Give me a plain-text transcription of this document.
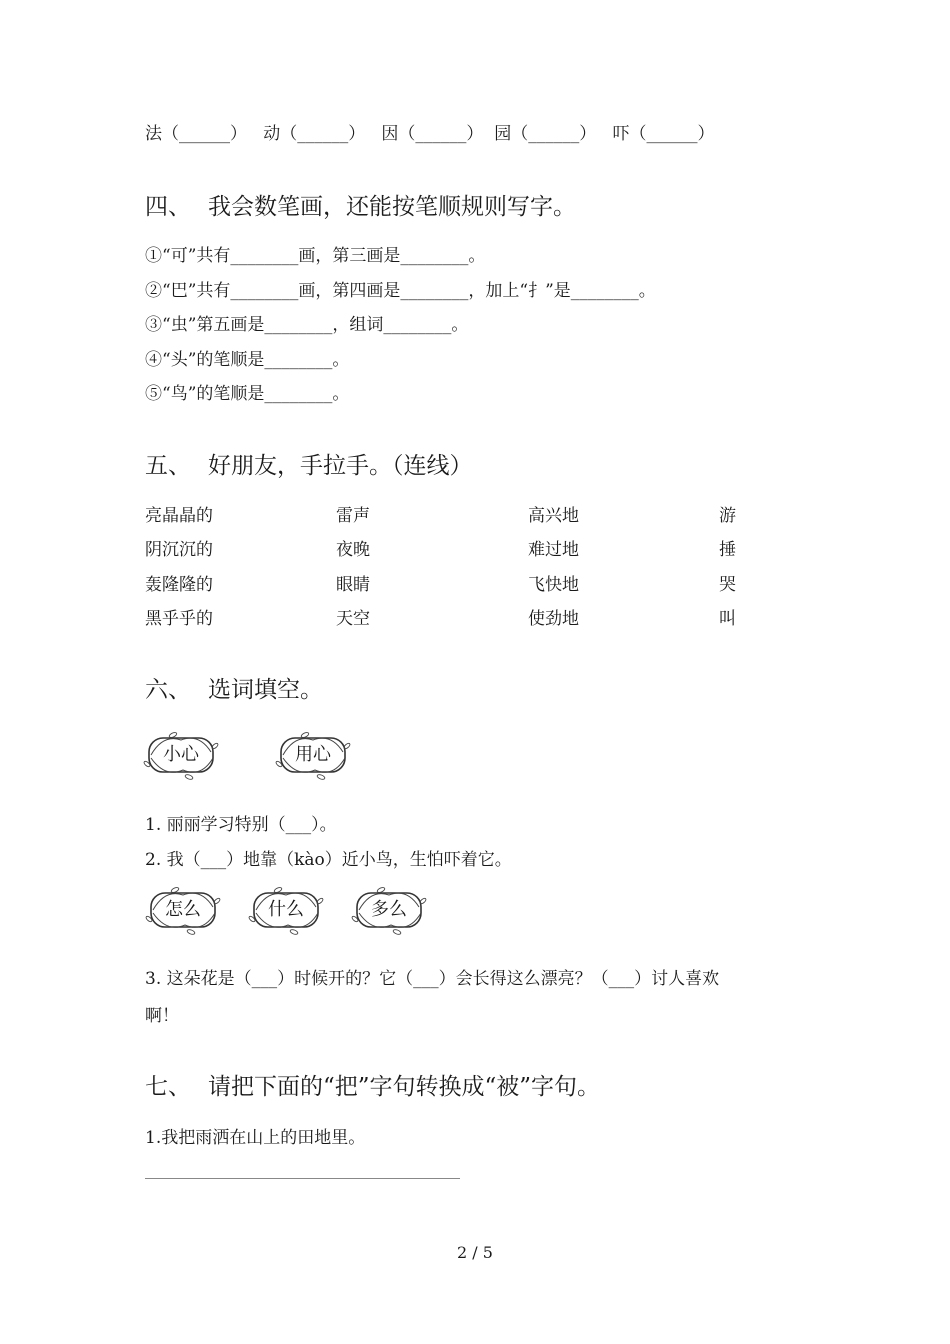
法（______）   动（______）   因（______）  园（______）   吓（______）
四、 我会数笔画，还能按笔顺规则写字。
①“可”共有________画，第三画是________。
②“巴”共有________画，第四画是________，加上“扌”是________。
③“虫”第五画是________，组词________。
④“头”的笔顺是________。
⑤“鸟”的笔顺是________。
五、 好朋友，手拉手。（连线）
亮晶晶的	雷声	高兴地	游
阴沉沉的	夜晚	难过地	捶
轰隆隆的	眼睛	飞快地	哭
黑乎乎的	天空	使劲地	叫
六、 选词填空。
小心	用心
1. 丽丽学习特别（___）。
2. 我（___）地靠（kào）近小鸟，生怕吓着它。
怎么	什么	多么
3. 这朵花是（___）时候开的？它（___）会长得这么漂亮？（___）讨人喜欢
啊！
七、 请把下面的“把”字句转换成“被”字句。
1.我把雨洒在山上的田地里。
2 / 5
